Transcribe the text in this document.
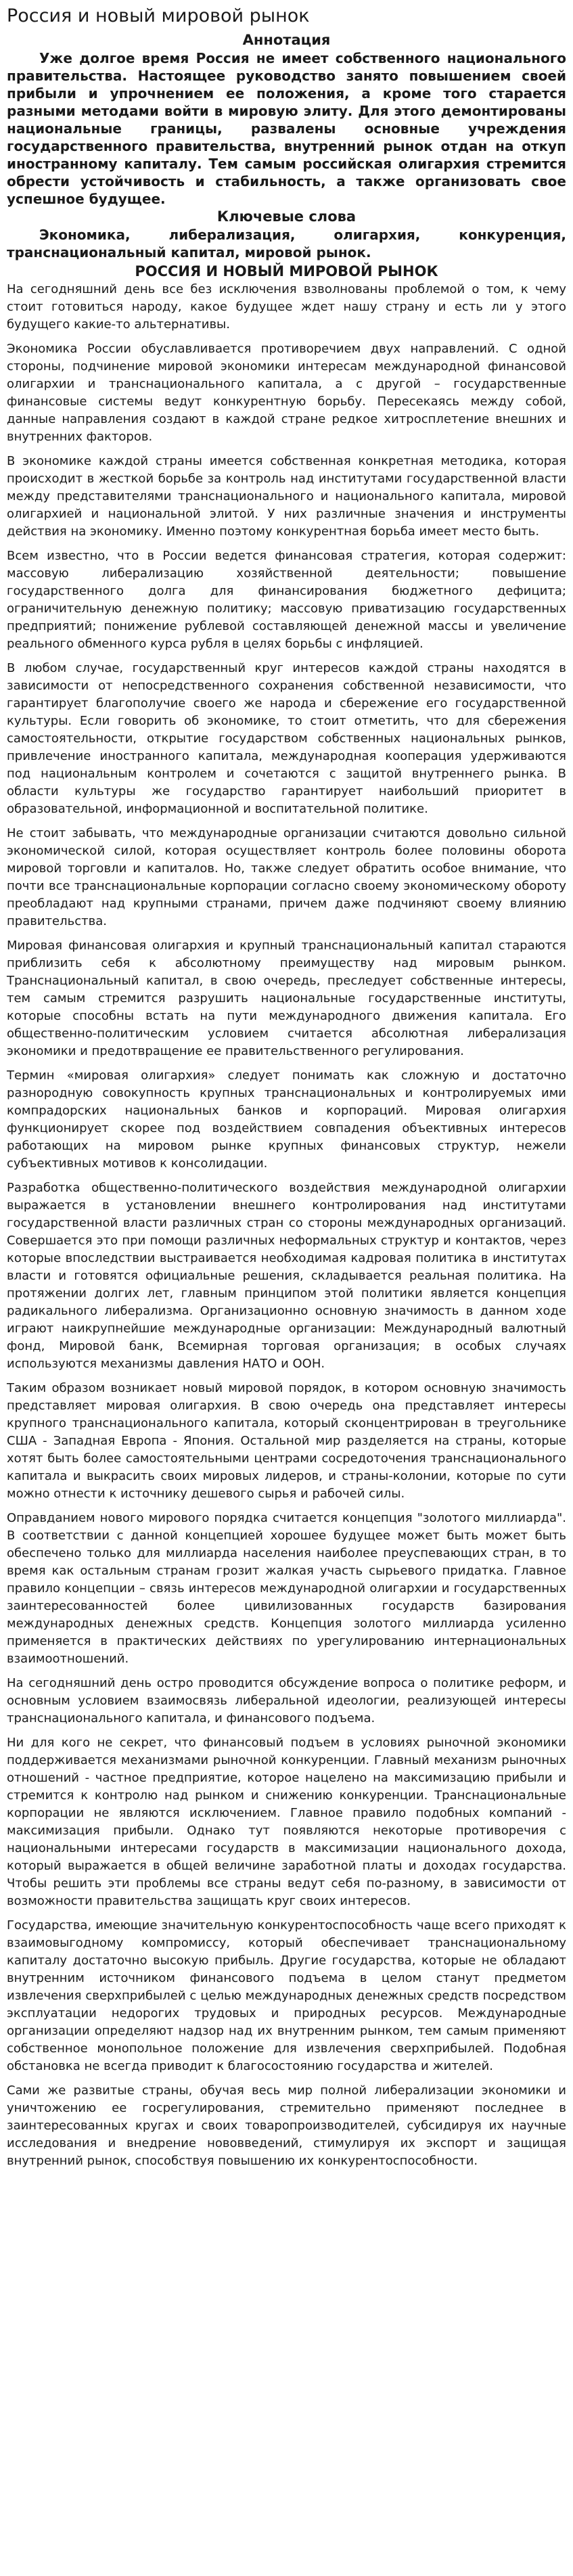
Россия и новый мировой рынок
Аннотация

Уже долгое время Россия не имеет собственного национального правительства. Настоящее руководство занято повышением своей прибыли и упрочнением ее положения, а кроме того старается разными методами войти в мировую элиту. Для этого демонтированы национальные границы, развалены основные учреждения государственного правительства, внутренний рынок отдан на откуп иностранному капиталу. Тем самым российская олигархия стремится обрести устойчивость и стабильность, а также организовать свое успешное будущее.

Ключевые слова

Экономика, либерализация, олигархия, конкуренция, транснациональный капитал, мировой рынок.

РОССИЯ И НОВЫЙ МИРОВОЙ РЫНОК

На сегодняшний день все без исключения взволнованы проблемой о том, к чему стоит готовиться народу, какое будущее ждет нашу страну и есть ли у этого будущего какие-то альтернативы.

Экономика России обуславливается противоречием двух направлений. С одной стороны, подчинение мировой экономики интересам международной финансовой олигархии и транснационального капитала, а с другой – государственные финансовые системы ведут конкурентную борьбу. Пересекаясь между собой, данные направления создают в каждой стране редкое хитросплетение внешних и внутренних факторов.

В экономике каждой страны имеется собственная конкретная методика, которая происходит в жесткой борьбе за контроль над институтами государственной власти между представителями транснационального и национального капитала, мировой олигархией и национальной элитой. У них различные значения и инструменты действия на экономику. Именно поэтому конкурентная борьба имеет место быть.

Всем известно, что в России ведется финансовая стратегия, которая содержит: массовую либерализацию хозяйственной деятельности; повышение государственного долга для финансирования бюджетного дефицита; ограничительную денежную политику; массовую приватизацию государственных предприятий; понижение рублевой составляющей денежной массы и увеличение реального обменного курса рубля в целях борьбы с инфляцией.

В любом случае, государственный круг интересов каждой страны находятся в зависимости от непосредственного сохранения собственной независимости, что гарантирует благополучие своего же народа и сбережение его государственной культуры. Если говорить об экономике, то стоит отметить, что для сбережения самостоятельности, открытие государством собственных национальных рынков, привлечение иностранного капитала, международная кооперация удерживаются под национальным контролем и сочетаются с защитой внутреннего рынка. В области культуры же государство гарантирует наибольший приоритет в образовательной, информационной и воспитательной политике.

Не стоит забывать, что международные организации считаются довольно сильной экономической силой, которая осуществляет контроль более половины оборота мировой торговли и капиталов. Но, также следует обратить особое внимание, что почти все транснациональные корпорации согласно своему экономическому обороту преобладают над крупными странами, причем даже подчиняют своему влиянию правительства.

Мировая финансовая олигархия и крупный транснациональный капитал стараются приблизить себя к абсолютному преимуществу над мировым рынком. Транснациональный капитал, в свою очередь, преследует собственные интересы, тем самым стремится разрушить национальные государственные институты, которые способны встать на пути международного движения капитала. Его общественно-политическим условием считается абсолютная либерализация экономики и предотвращение ее правительственного регулирования.

Термин «мировая олигархия» следует понимать как сложную и достаточно разнородную совокупность крупных транснациональных и контролируемых ими компрадорских национальных банков и корпораций. Мировая олигархия функционирует скорее под воздействием совпадения объективных интересов работающих на мировом рынке крупных финансовых структур, нежели субъективных мотивов к консолидации.

Разработка общественно-политического воздействия международной олигархии выражается в установлении внешнего контролирования над институтами государственной власти различных стран со стороны международных организаций. Совершается это при помощи различных неформальных структур и контактов, через которые впоследствии выстраивается необходимая кадровая политика в институтах власти и готовятся официальные решения, складывается реальная политика. На протяжении долгих лет, главным принципом этой политики является концепция радикального либерализма. Организационно основную значимость в данном ходе играют наикрупнейшие международные организации: Международный валютный фонд, Мировой банк, Всемирная торговая организация; в особых случаях используются механизмы давления НАТО и ООН.

Таким образом возникает новый мировой порядок, в котором основную значимость представляет мировая олигархия. В свою очередь она представляет интересы крупного транснационального капитала, который сконцентрирован в треугольнике США - Западная Европа - Япония. Остальной мир разделяется на страны, которые хотят быть более самостоятельными центрами сосредоточения транснационального капитала и выкрасить своих мировых лидеров, и страны-колонии, которые по сути можно отнести к источнику дешевого сырья и рабочей силы.

Оправданием нового мирового порядка считается концепция "золотого миллиарда". В соответствии с данной концепцией хорошее будущее может быть может быть обеспечено только для миллиарда населения наиболее преуспевающих стран, в то время как остальным странам грозит жалкая участь сырьевого придатка. Главное правило концепции – связь интересов международной олигархии и государственных заинтересованностей более цивилизованных государств базирования международных денежных средств. Концепция золотого миллиарда усиленно применяется в практических действиях по урегулированию интернациональных взаимоотношений.

На сегодняшний день остро проводится обсуждение вопроса о политике реформ, и основным условием взаимосвязь либеральной идеологии, реализующей интересы транснационального капитала, и финансового подъема.

Ни для кого не секрет, что финансовый подъем в условиях рыночной экономики поддерживается механизмами рыночной конкуренции. Главный механизм рыночных отношений - частное предприятие, которое нацелено на максимизацию прибыли и стремится к контролю над рынком и снижению конкуренции. Транснациональные корпорации не являются исключением. Главное правило подобных компаний - максимизация прибыли. Однако тут появляются некоторые противоречия с национальными интересами государств в максимизации национального дохода, который выражается в общей величине заработной платы и доходах государства. Чтобы решить эти проблемы все страны ведут себя по-разному, в зависимости от возможности правительства защищать круг своих интересов.

Государства, имеющие значительную конкурентоспособность чаще всего приходят к взаимовыгодному компромиссу, который обеспечивает транснациональному капиталу достаточно высокую прибыль. Другие государства, которые не обладают внутренним источником финансового подъема в целом станут предметом извлечения сверхприбылей с целью международных денежных средств посредством эксплуатации недорогих трудовых и природных ресурсов. Международные организации определяют надзор над их внутренним рынком, тем самым применяют собственное монопольное положение для извлечения сверхприбылей. Подобная обстановка не всегда приводит к благосостоянию государства и жителей.

Сами же развитые страны, обучая весь мир полной либерализации экономики и уничтожению ее госрегулирования, стремительно применяют последнее в заинтересованных кругах и своих товаропроизводителей, субсидируя их научные исследования и внедрение нововведений, стимулируя их экспорт и защищая внутренний рынок, способствуя повышению их конкурентоспособности.
